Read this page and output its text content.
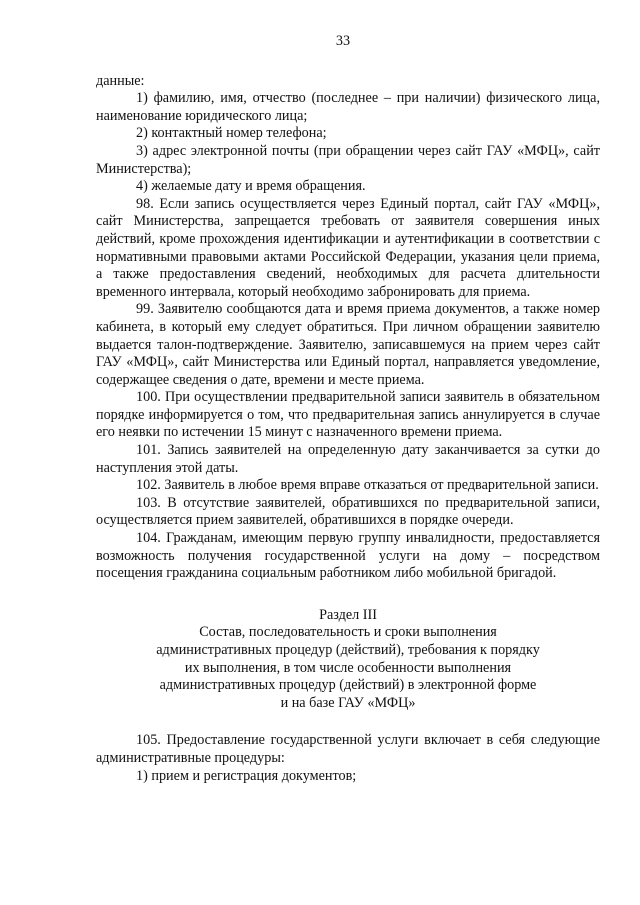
33

данные:

1) фамилию, имя, отчество (последнее – при наличии) физического лица, наименование юридического лица;

2) контактный номер телефона;

3) адрес электронной почты (при обращении через сайт ГАУ «МФЦ», сайт Министерства);

4) желаемые дату и время обращения.

98. Если запись осуществляется через Единый портал, сайт ГАУ «МФЦ», сайт Министерства, запрещается требовать от заявителя совершения иных действий, кроме прохождения идентификации и аутентификации в соответствии с нормативными правовыми актами Российской Федерации, указания цели приема, а также предоставления сведений, необходимых для расчета длительности временного интервала, который необходимо забронировать для приема.

99. Заявителю сообщаются дата и время приема документов, а также номер кабинета, в который ему следует обратиться. При личном обращении заявителю выдается талон-подтверждение. Заявителю, записавшемуся на прием через сайт ГАУ «МФЦ», сайт Министерства или Единый портал, направляется уведомление, содержащее сведения о дате, времени и месте приема.

100. При осуществлении предварительной записи заявитель в обязательном порядке информируется о том, что предварительная запись аннулируется в случае его неявки по истечении 15 минут с назначенного времени приема.

101. Запись заявителей на определенную дату заканчивается за сутки до наступления этой даты.

102. Заявитель в любое время вправе отказаться от предварительной записи.

103. В отсутствие заявителей, обратившихся по предварительной записи, осуществляется прием заявителей, обратившихся в порядке очереди.

104. Гражданам, имеющим первую группу инвалидности, предоставляется возможность получения государственной услуги на дому – посредством посещения гражданина социальным работником либо мобильной бригадой.

Раздел III
Состав, последовательность и сроки выполнения
административных процедур (действий), требования к порядку
их выполнения, в том числе особенности выполнения
административных процедур (действий) в электронной форме
и на базе ГАУ «МФЦ»

105. Предоставление государственной услуги включает в себя следующие административные процедуры:

1) прием и регистрация документов;
